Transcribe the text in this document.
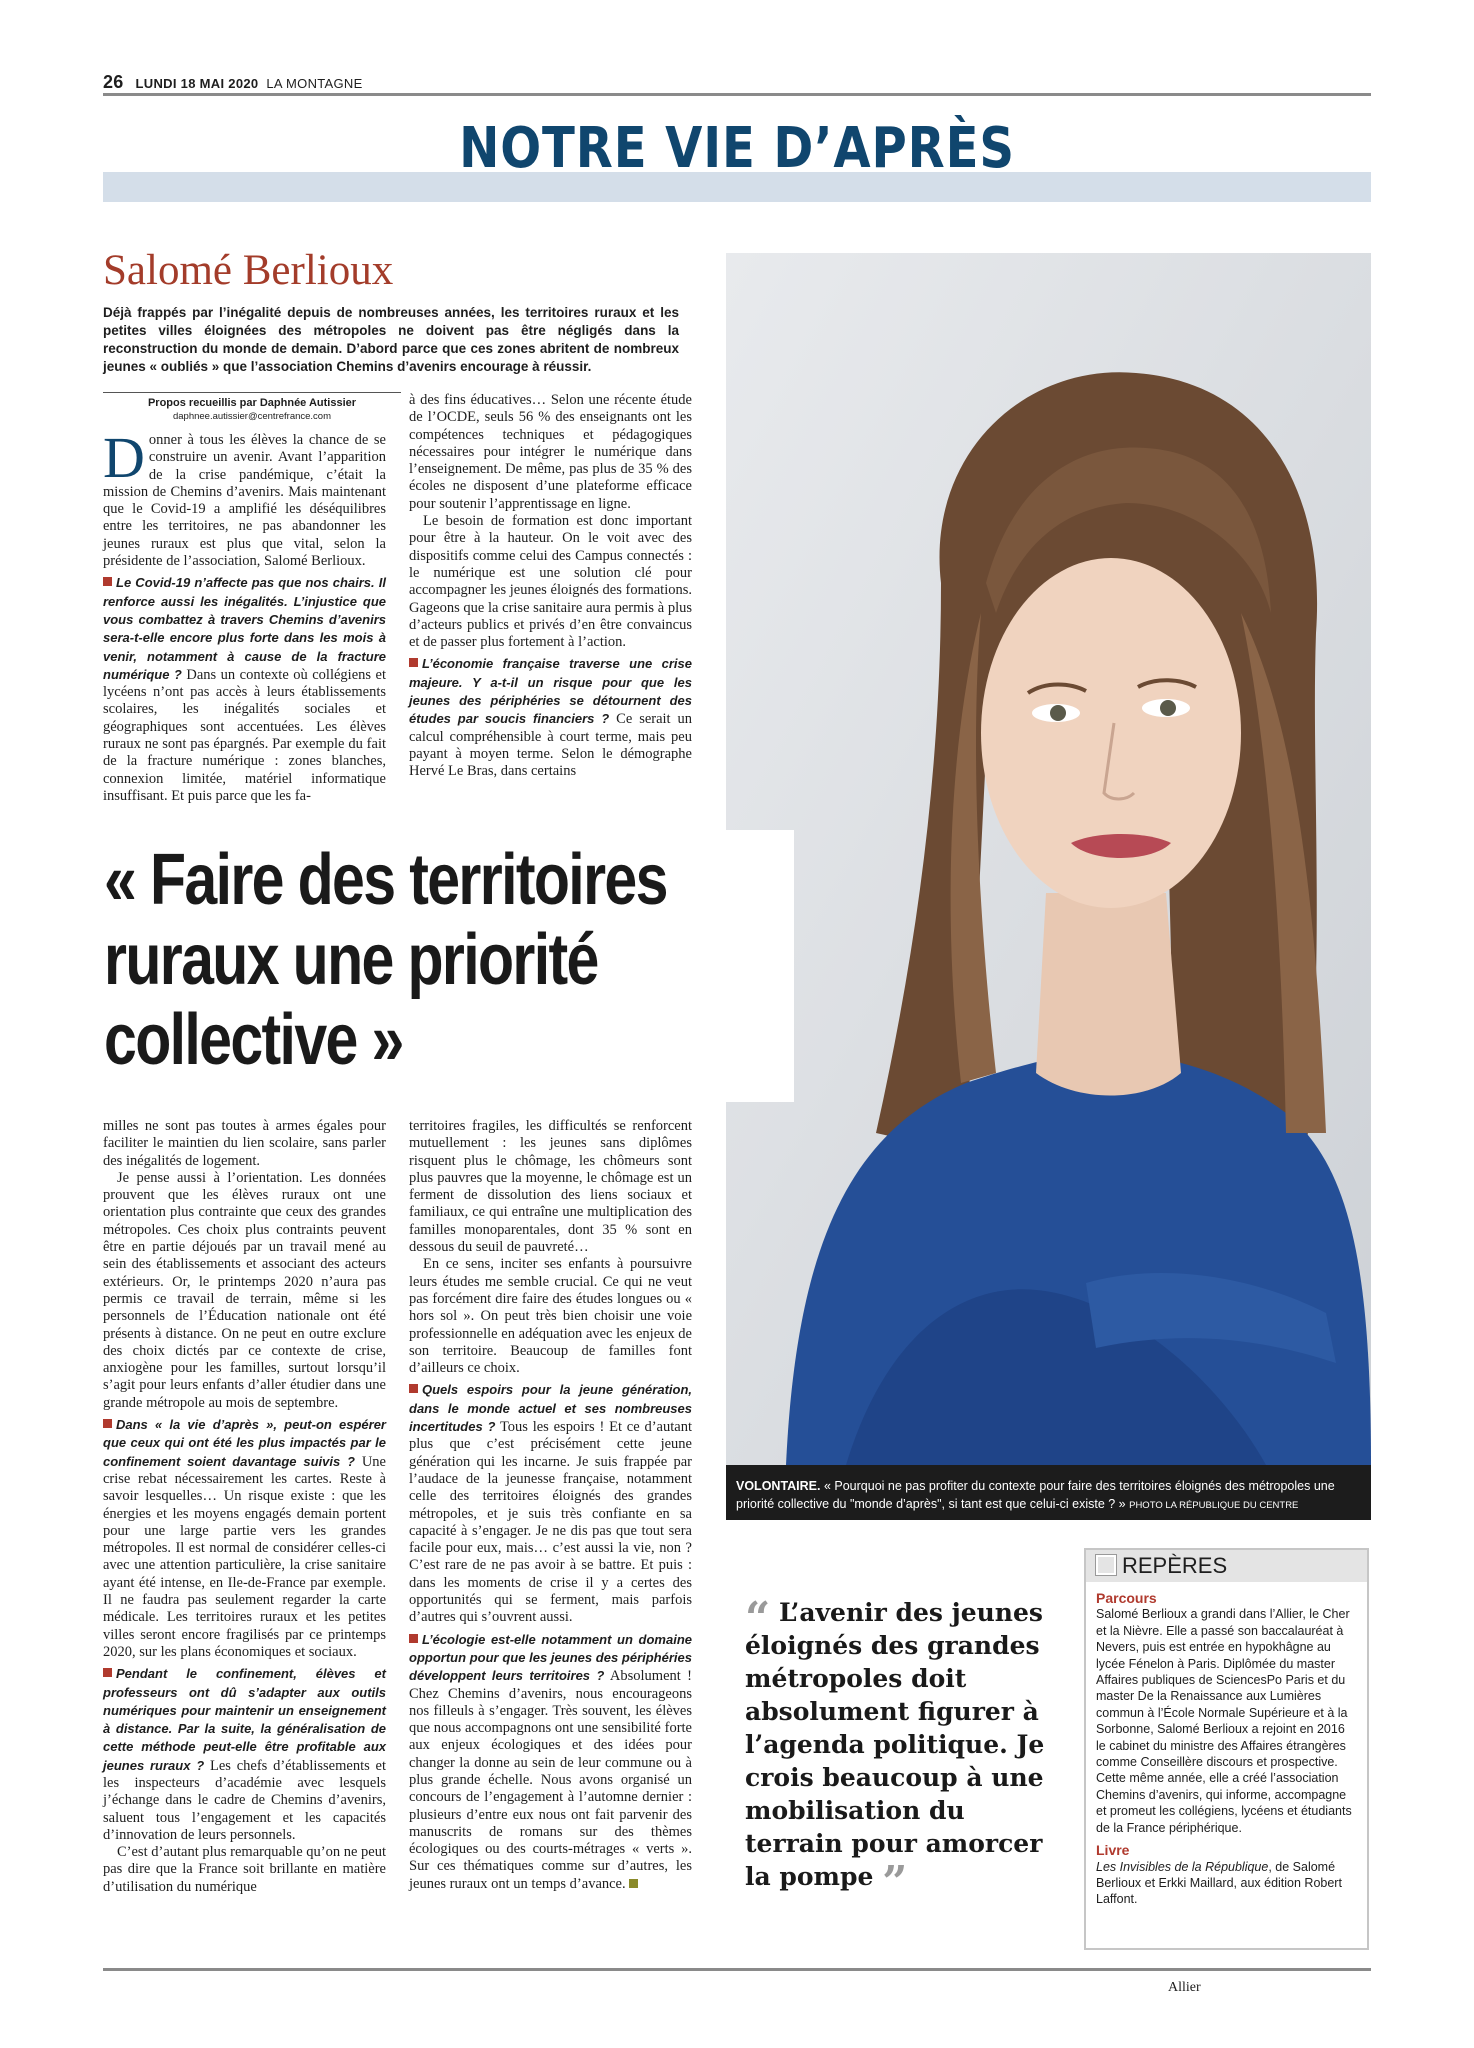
26 LUNDI 18 MAI 2020 LA MONTAGNE
NOTRE VIE D’APRÈS
Salomé Berlioux
Déjà frappés par l’inégalité depuis de nombreuses années, les territoires ruraux et les petites villes éloignées des métropoles ne doivent pas être négligés dans la reconstruction du monde de demain. D’abord parce que ces zones abritent de nombreux jeunes « oubliés » que l’association Chemins d’avenirs encourage à réussir.
Propos recueillis par Daphnée Autissier
daphnee.autissier@centrefrance.com

Donner à tous les élèves la chance de se construire un avenir. Avant l’apparition de la crise pandémique, c’était la mission de Chemins d’avenirs. Mais maintenant que le Covid-19 a amplifié les déséquilibres entre les territoires, ne pas abandonner les jeunes ruraux est plus que vital, selon la présidente de l’association, Salomé Berlioux.

Le Covid-19 n’affecte pas que nos chairs. Il renforce aussi les inégalités. L’injustice que vous combattez à travers Chemins d’avenirs sera-t-elle encore plus forte dans les mois à venir, notamment à cause de la fracture numérique ? Dans un contexte où collégiens et lycéens n’ont pas accès à leurs établissements scolaires, les inégalités sociales et géographiques sont accentuées. Les élèves ruraux ne sont pas épargnés. Par exemple du fait de la fracture numérique : zones blanches, connexion limitée, matériel informatique insuffisant. Et puis parce que les fa-

à des fins éducatives… Selon une récente étude de l’OCDE, seuls 56 % des enseignants ont les compétences techniques et pédagogiques nécessaires pour intégrer le numérique dans l’enseignement. De même, pas plus de 35 % des écoles ne disposent d’une plateforme efficace pour soutenir l’apprentissage en ligne.

Le besoin de formation est donc important pour être à la hauteur. On le voit avec des dispositifs comme celui des Campus connectés : le numérique est une solution clé pour accompagner les jeunes éloignés des formations. Gageons que la crise sanitaire aura permis à plus d’acteurs publics et privés d’en être convaincus et de passer plus fortement à l’action.

L’économie française traverse une crise majeure. Y a-t-il un risque pour que les jeunes des périphéries se détournent des études par soucis financiers ? Ce serait un calcul compréhensible à court terme, mais peu payant à moyen terme. Selon le démographe Hervé Le Bras, dans certains

VOLONTAIRE. « Pourquoi ne pas profiter du contexte pour faire des territoires éloignés des métropoles une priorité collective du "monde d’après", si tant est que celui-ci existe ? » PHOTO LA RÉPUBLIQUE DU CENTRE
« Faire des territoires
ruraux une priorité
collective »

milles ne sont pas toutes à armes égales pour faciliter le maintien du lien scolaire, sans parler des inégalités de logement.

Je pense aussi à l’orientation. Les données prouvent que les élèves ruraux ont une orientation plus contrainte que ceux des grandes métropoles. Ces choix plus contraints peuvent être en partie déjoués par un travail mené au sein des établissements et associant des acteurs extérieurs. Or, le printemps 2020 n’aura pas permis ce travail de terrain, même si les personnels de l’Éducation nationale ont été présents à distance. On ne peut en outre exclure des choix dictés par ce contexte de crise, anxiogène pour les familles, surtout lorsqu’il s’agit pour leurs enfants d’aller étudier dans une grande métropole au mois de septembre.

Dans « la vie d’après », peut-on espérer que ceux qui ont été les plus impactés par le confinement soient davantage suivis ? Une crise rebat nécessairement les cartes. Reste à savoir lesquelles… Un risque existe : que les énergies et les moyens engagés demain portent pour une large partie vers les grandes métropoles. Il est normal de considérer celles-ci avec une attention particulière, la crise sanitaire ayant été intense, en Ile-de-France par exemple. Il ne faudra pas seulement regarder la carte médicale. Les territoires ruraux et les petites villes seront encore fragilisés par ce printemps 2020, sur les plans économiques et sociaux.

Pendant le confinement, élèves et professeurs ont dû s’adapter aux outils numériques pour maintenir un enseignement à distance. Par la suite, la généralisation de cette méthode peut-elle être profitable aux jeunes ruraux ? Les chefs d’établissements et les inspecteurs d’académie avec lesquels j’échange dans le cadre de Chemins d’avenirs, saluent tous l’engagement et les capacités d’innovation de leurs personnels.

C’est d’autant plus remarquable qu’on ne peut pas dire que la France soit brillante en matière d’utilisation du numérique

territoires fragiles, les difficultés se renforcent mutuellement : les jeunes sans diplômes risquent plus le chômage, les chômeurs sont plus pauvres que la moyenne, le chômage est un ferment de dissolution des liens sociaux et familiaux, ce qui entraîne une multiplication des familles monoparentales, dont 35 % sont en dessous du seuil de pauvreté…

En ce sens, inciter ses enfants à poursuivre leurs études me semble crucial. Ce qui ne veut pas forcément dire faire des études longues ou « hors sol ». On peut très bien choisir une voie professionnelle en adéquation avec les enjeux de son territoire. Beaucoup de familles font d’ailleurs ce choix.

Quels espoirs pour la jeune génération, dans le monde actuel et ses nombreuses incertitudes ? Tous les espoirs ! Et ce d’autant plus que c’est précisément cette jeune génération qui les incarne. Je suis frappée par l’audace de la jeunesse française, notamment celle des territoires éloignés des grandes métropoles, et je suis très confiante en sa capacité à s’engager. Je ne dis pas que tout sera facile pour eux, mais… c’est aussi la vie, non ? C’est rare de ne pas avoir à se battre. Et puis : dans les moments de crise il y a certes des opportunités qui se ferment, mais parfois d’autres qui s’ouvrent aussi.

L’écologie est-elle notamment un domaine opportun pour que les jeunes des périphéries développent leurs territoires ? Absolument ! Chez Chemins d’avenirs, nous encourageons nos filleuls à s’engager. Très souvent, les élèves que nous accompagnons ont une sensibilité forte aux enjeux écologiques et des idées pour changer la donne au sein de leur commune ou à plus grande échelle. Nous avons organisé un concours de l’engagement à l’automne dernier : plusieurs d’entre eux nous ont fait parvenir des manuscrits de romans sur des thèmes écologiques ou des courts-métrages « verts ». Sur ces thématiques comme sur d’autres, les jeunes ruraux ont un temps d’avance.

“ L’avenir des jeunes éloignés des grandes métropoles doit absolument figurer à l’agenda politique. Je crois beaucoup à une mobilisation du terrain pour amorcer la pompe ”
REPÈRES
Parcours
Salomé Berlioux a grandi dans l’Allier, le Cher et la Nièvre. Elle a passé son baccalauréat à Nevers, puis est entrée en hypokhâgne au lycée Fénelon à Paris. Diplômée du master Affaires publiques de SciencesPo Paris et du master De la Renaissance aux Lumières commun à l’École Normale Supérieure et à la Sorbonne, Salomé Berlioux a rejoint en 2016 le cabinet du ministre des Affaires étrangères comme Conseillère discours et prospective. Cette même année, elle a créé l’association Chemins d’avenirs, qui informe, accompagne et promeut les collégiens, lycéens et étudiants de la France périphérique.
Livre
Les Invisibles de la République, de Salomé Berlioux et Erkki Maillard, aux édition Robert Laffont.
Allier
